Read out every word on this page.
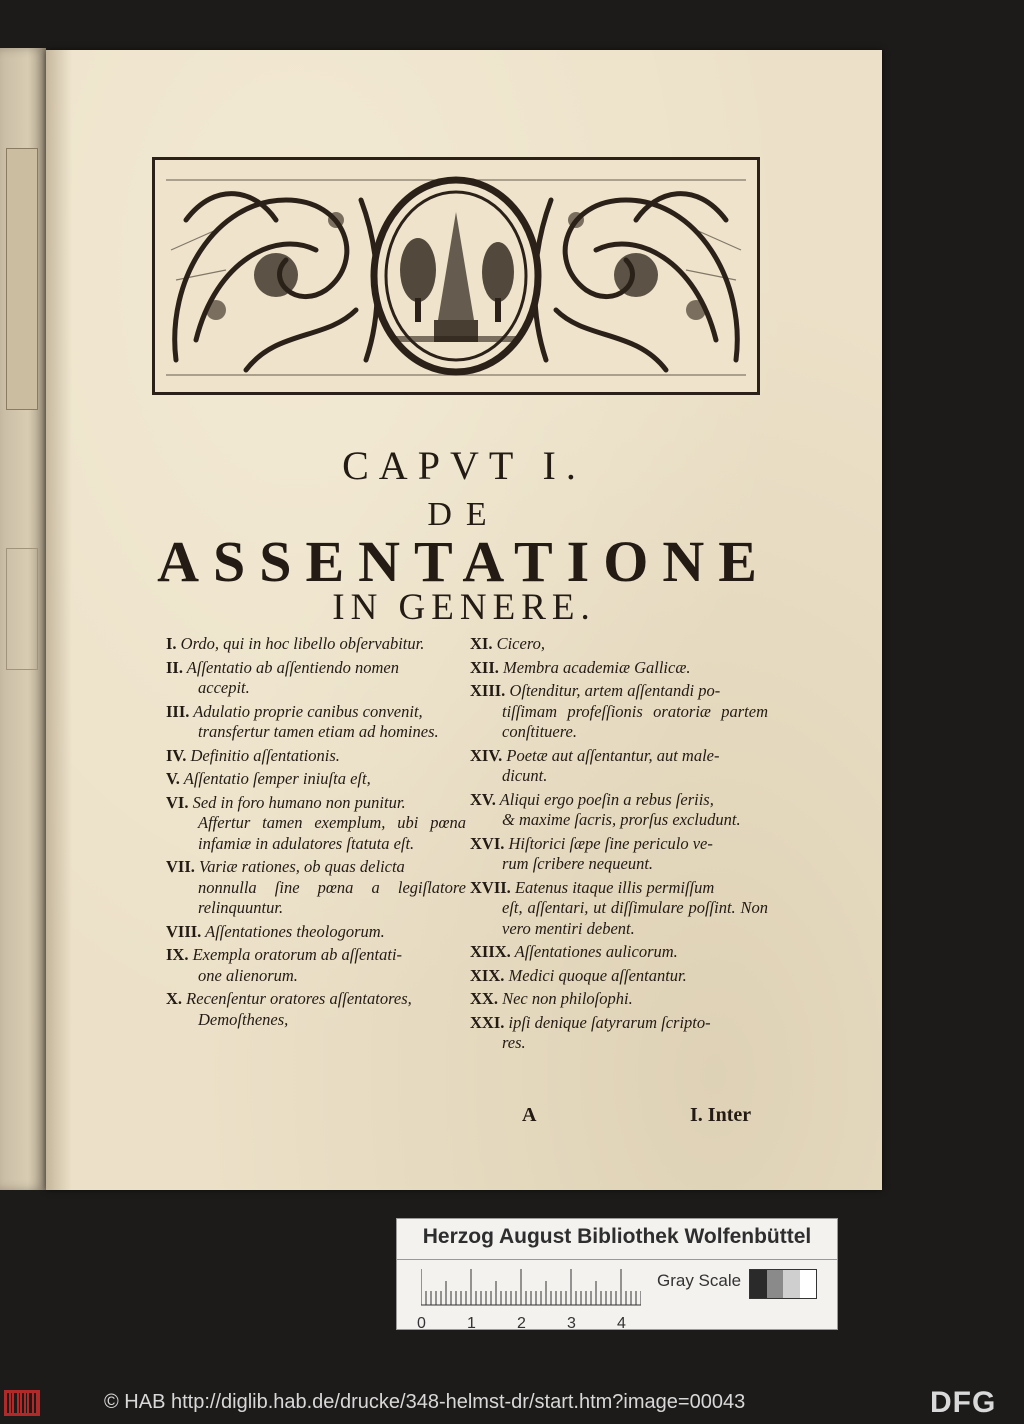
CAPVT I.
DE
ASSENTATIONE
IN GENERE.
I. Ordo, qui in hoc libello obſervabitur.
II. Aſſentatio ab aſſentiendo nomen
accepit.
III. Adulatio proprie canibus convenit,
transfertur tamen etiam ad homines.
IV. Definitio aſſentationis.
V. Aſſentatio ſemper iniuſta eſt,
VI. Sed in foro humano non punitur.
Affertur tamen exemplum, ubi pœna infamiæ in adulatores ſtatuta eſt.
VII. Variæ rationes, ob quas delicta
nonnulla ſine pœna a legiſlatore relinquuntur.
VIII. Aſſentationes theologorum.
IX. Exempla oratorum ab aſſentati-
one alienorum.
X. Recenſentur oratores aſſentatores,
Demoſthenes,
XI. Cicero,
XII. Membra academiæ Gallicæ.
XIII. Oſtenditur, artem aſſentandi po-
tiſſimam profeſſionis oratoriæ partem conſtituere.
XIV. Poetæ aut aſſentantur, aut male-
dicunt.
XV. Aliqui ergo poeſin a rebus ſeriis,
& maxime ſacris, prorſus excludunt.
XVI. Hiſtorici ſæpe ſine periculo ve-
rum ſcribere nequeunt.
XVII. Eatenus itaque illis permiſſum
eſt, aſſentari, ut diſſimulare poſſint. Non vero mentiri debent.
XIIX. Aſſentationes aulicorum.
XIX. Medici quoque aſſentantur.
XX. Nec non philoſophi.
XXI. ipſi denique ſatyrarum ſcripto-
res.
A	I. Inter
Herzog August Bibliothek Wolfenbüttel
0	1	2	3	4
Gray Scale
© HAB http://diglib.hab.de/drucke/348-helmst-dr/start.htm?image=00043	DFG
